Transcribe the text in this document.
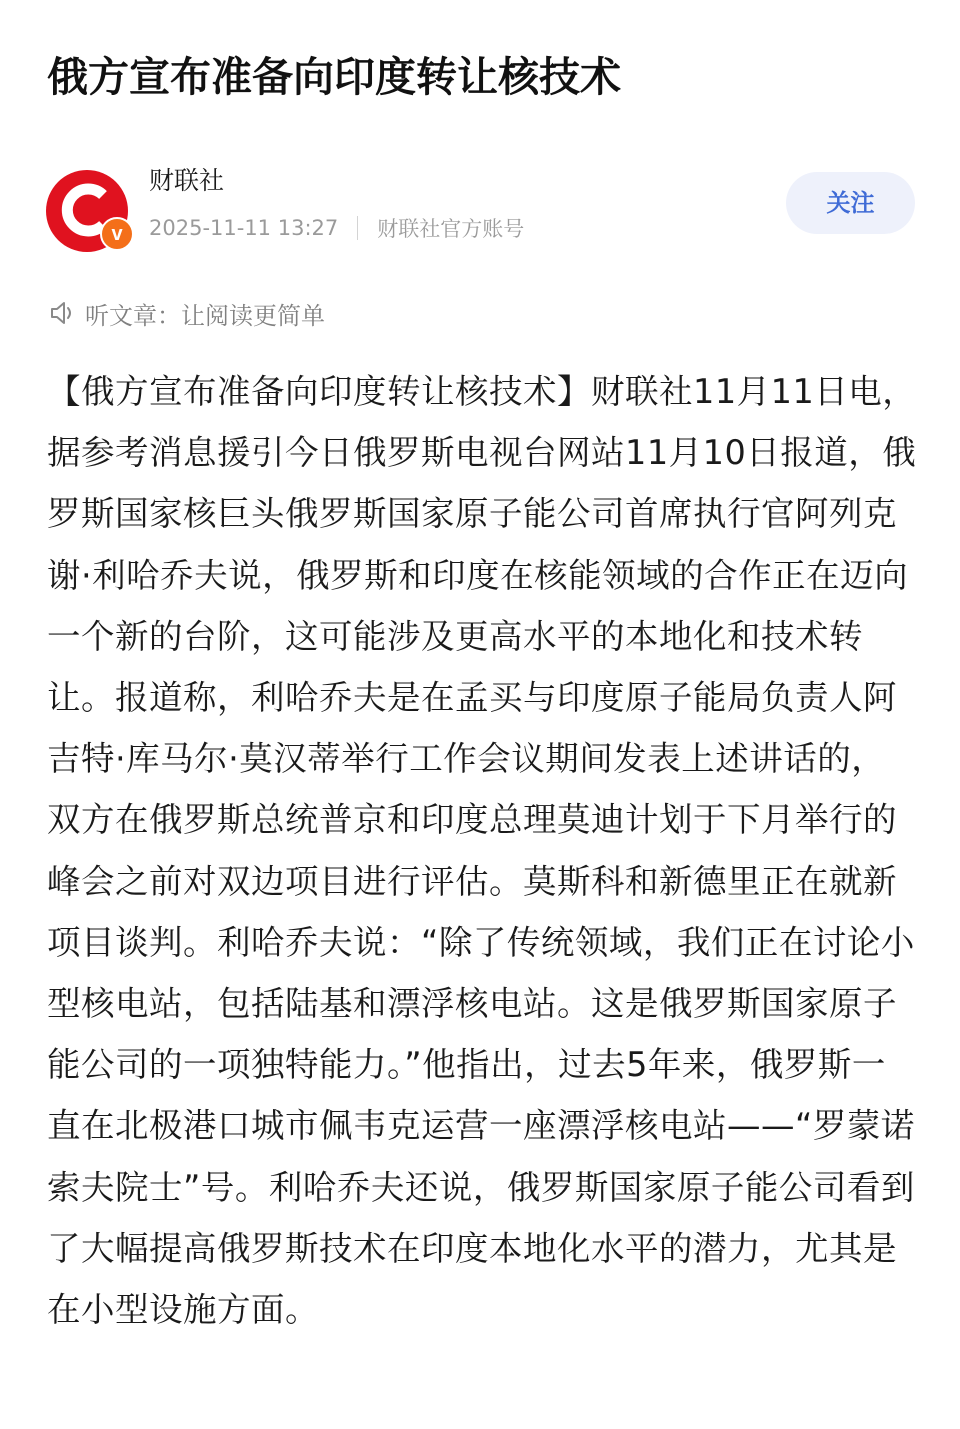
俄方宣布准备向印度转让核技术
v
财联社
2025-11-11 13:27 财联社官方账号
关注
听文章：让阅读更简单

【俄方宣布准备向印度转让核技术】财联社11月11日电，据参考消息援引今日俄罗斯电视台网站11月10日报道，俄罗斯国家核巨头俄罗斯国家原子能公司首席执行官阿列克谢·利哈乔夫说，俄罗斯和印度在核能领域的合作正在迈向一个新的台阶，这可能涉及更高水平的本地化和技术转让。报道称，利哈乔夫是在孟买与印度原子能局负责人阿吉特·库马尔·莫汉蒂举行工作会议期间发表上述讲话的，双方在俄罗斯总统普京和印度总理莫迪计划于下月举行的峰会之前对双边项目进行评估。莫斯科和新德里正在就新项目谈判。利哈乔夫说：“除了传统领域，我们正在讨论小型核电站，包括陆基和漂浮核电站。这是俄罗斯国家原子能公司的一项独特能力。”他指出，过去5年来，俄罗斯一直在北极港口城市佩韦克运营一座漂浮核电站——“罗蒙诺索夫院士”号。利哈乔夫还说，俄罗斯国家原子能公司看到了大幅提高俄罗斯技术在印度本地化水平的潜力，尤其是在小型设施方面。
